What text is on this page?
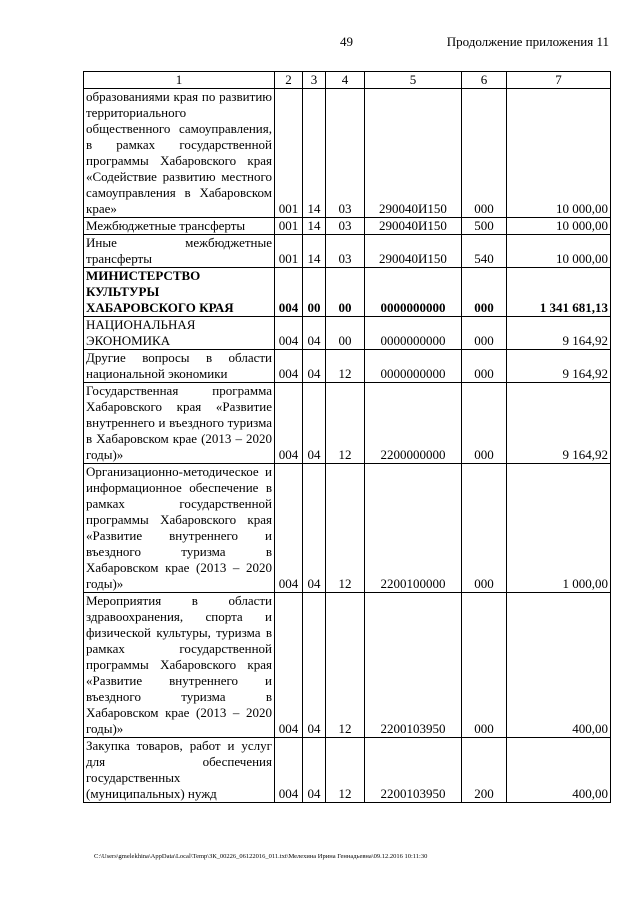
49	Продолжение приложения 11
1	2	3	4	5	6	7
образованиями края по развитию территориального общественного самоуправления, в рамках государственной программы Хабаровского края «Содействие развитию местного самоуправления в Хабаровском крае»	001	14	03	290040И150	000	10 000,00
Межбюджетные трансферты	001	14	03	290040И150	500	10 000,00
Иные межбюджетные трансферты	001	14	03	290040И150	540	10 000,00
МИНИСТЕРСТВО КУЛЬТУРЫ ХАБАРОВСКОГО КРАЯ	004	00	00	0000000000	000	1 341 681,13
НАЦИОНАЛЬНАЯ ЭКОНОМИКА	004	04	00	0000000000	000	9 164,92
Другие вопросы в области национальной экономики	004	04	12	0000000000	000	9 164,92
Государственная программа Хабаровского края «Развитие внутреннего и въездного туризма в Хабаровском крае (2013 – 2020 годы)»	004	04	12	2200000000	000	9 164,92
Организационно-методическое и информационное обеспечение в рамках государственной программы Хабаровского края «Развитие внутреннего и въездного туризма в Хабаровском крае (2013 – 2020 годы)»	004	04	12	2200100000	000	1 000,00
Мероприятия в области здравоохранения, спорта и физической культуры, туризма в рамках государственной программы Хабаровского края «Развитие внутреннего и въездного туризма в Хабаровском крае (2013 – 2020 годы)»	004	04	12	2200103950	000	400,00
Закупка товаров, работ и услуг для обеспечения государственных (муниципальных) нужд	004	04	12	2200103950	200	400,00
C:\Users\gmelekhina\AppData\Local\Temp\ЗК_00226_06122016_011.txt\Мелехина Ирина Геннадьевна\09.12.2016 10:11:30
